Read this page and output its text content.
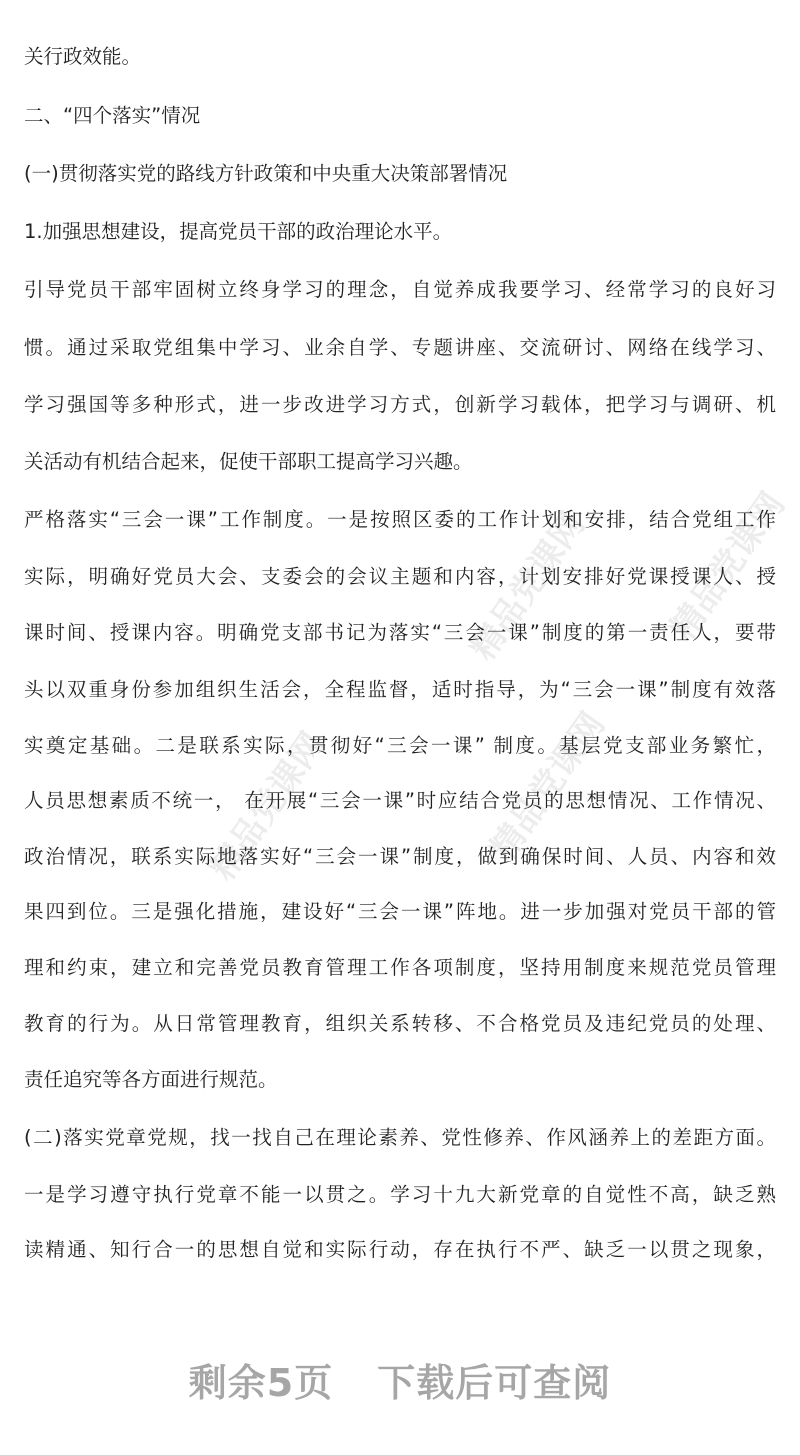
精品党课网 精品党课网
精品党课网	精品党课网
关行政效能。
二、“四个落实”情况
(一)贯彻落实党的路线方针政策和中央重大决策部署情况
1.加强思想建设，提高党员干部的政治理论水平。
引导党员干部牢固树立终身学习的理念，自觉养成我要学习、经常学习的良好习
惯。通过采取党组集中学习、业余自学、专题讲座、交流研讨、网络在线学习、
学习强国等多种形式，进一步改进学习方式，创新学习载体，把学习与调研、机
关活动有机结合起来，促使干部职工提高学习兴趣。
严格落实“三会一课”工作制度。一是按照区委的工作计划和安排，结合党组工作
实际，明确好党员大会、支委会的会议主题和内容，计划安排好党课授课人、授
课时间、授课内容。明确党支部书记为落实“三会一课”制度的第一责任人，要带
头以双重身份参加组织生活会，全程监督，适时指导，为“三会一课”制度有效落
实奠定基础。二是联系实际，贯彻好“三会一课” 制度。基层党支部业务繁忙，
人员思想素质不统一， 在开展“三会一课”时应结合党员的思想情况、工作情况、
政治情况，联系实际地落实好“三会一课”制度，做到确保时间、人员、内容和效
果四到位。三是强化措施，建设好“三会一课”阵地。进一步加强对党员干部的管
理和约束，建立和完善党员教育管理工作各项制度，坚持用制度来规范党员管理
教育的行为。从日常管理教育，组织关系转移、不合格党员及违纪党员的处理、
责任追究等各方面进行规范。
(二)落实党章党规，找一找自己在理论素养、党性修养、作风涵养上的差距方面。
一是学习遵守执行党章不能一以贯之。学习十九大新党章的自觉性不高，缺乏熟
读精通、知行合一的思想自觉和实际行动，存在执行不严、缺乏一以贯之现象，
剩余5页 下载后可查阅
